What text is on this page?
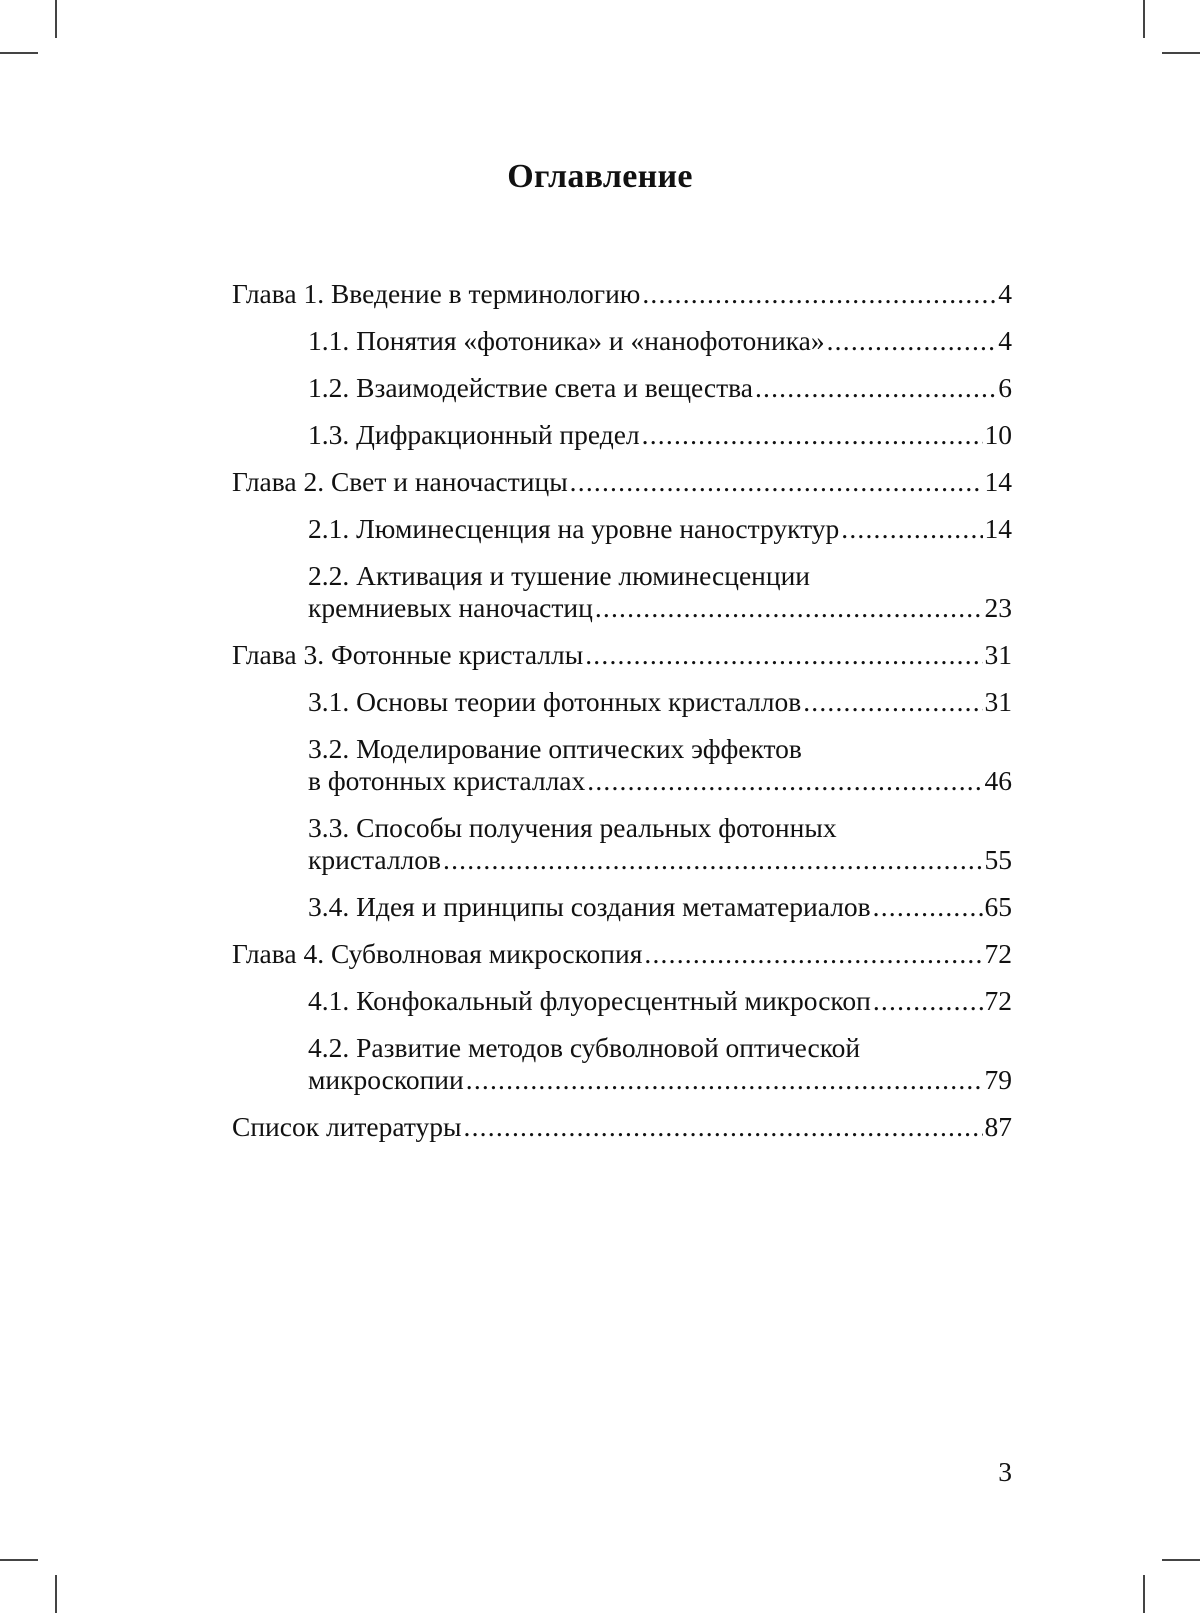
Оглавление
Глава 1. Введение в терминологию .....	4
1.1. Понятия «фотоника» и «нанофотоника» .....	4
1.2. Взаимодействие света и вещества .....	6
1.3. Дифракционный предел .....	10
Глава 2. Свет и наночастицы .....	14
2.1. Люминесценция на уровне наноструктур .....	14
2.2. Активация и тушение люминесценции
кремниевых наночастиц .....	23
Глава 3. Фотонные кристаллы .....	31
3.1. Основы теории фотонных кристаллов .....	31
3.2. Моделирование оптических эффектов
в фотонных кристаллах .....	46
3.3. Способы получения реальных фотонных
кристаллов .....	55
3.4. Идея и принципы создания метаматериалов .....	65
Глава 4. Субволновая микроскопия .....	72
4.1. Конфокальный флуоресцентный микроскоп .....	72
4.2. Развитие методов субволновой оптической
микроскопии .....	79
Список литературы .....	87
3
